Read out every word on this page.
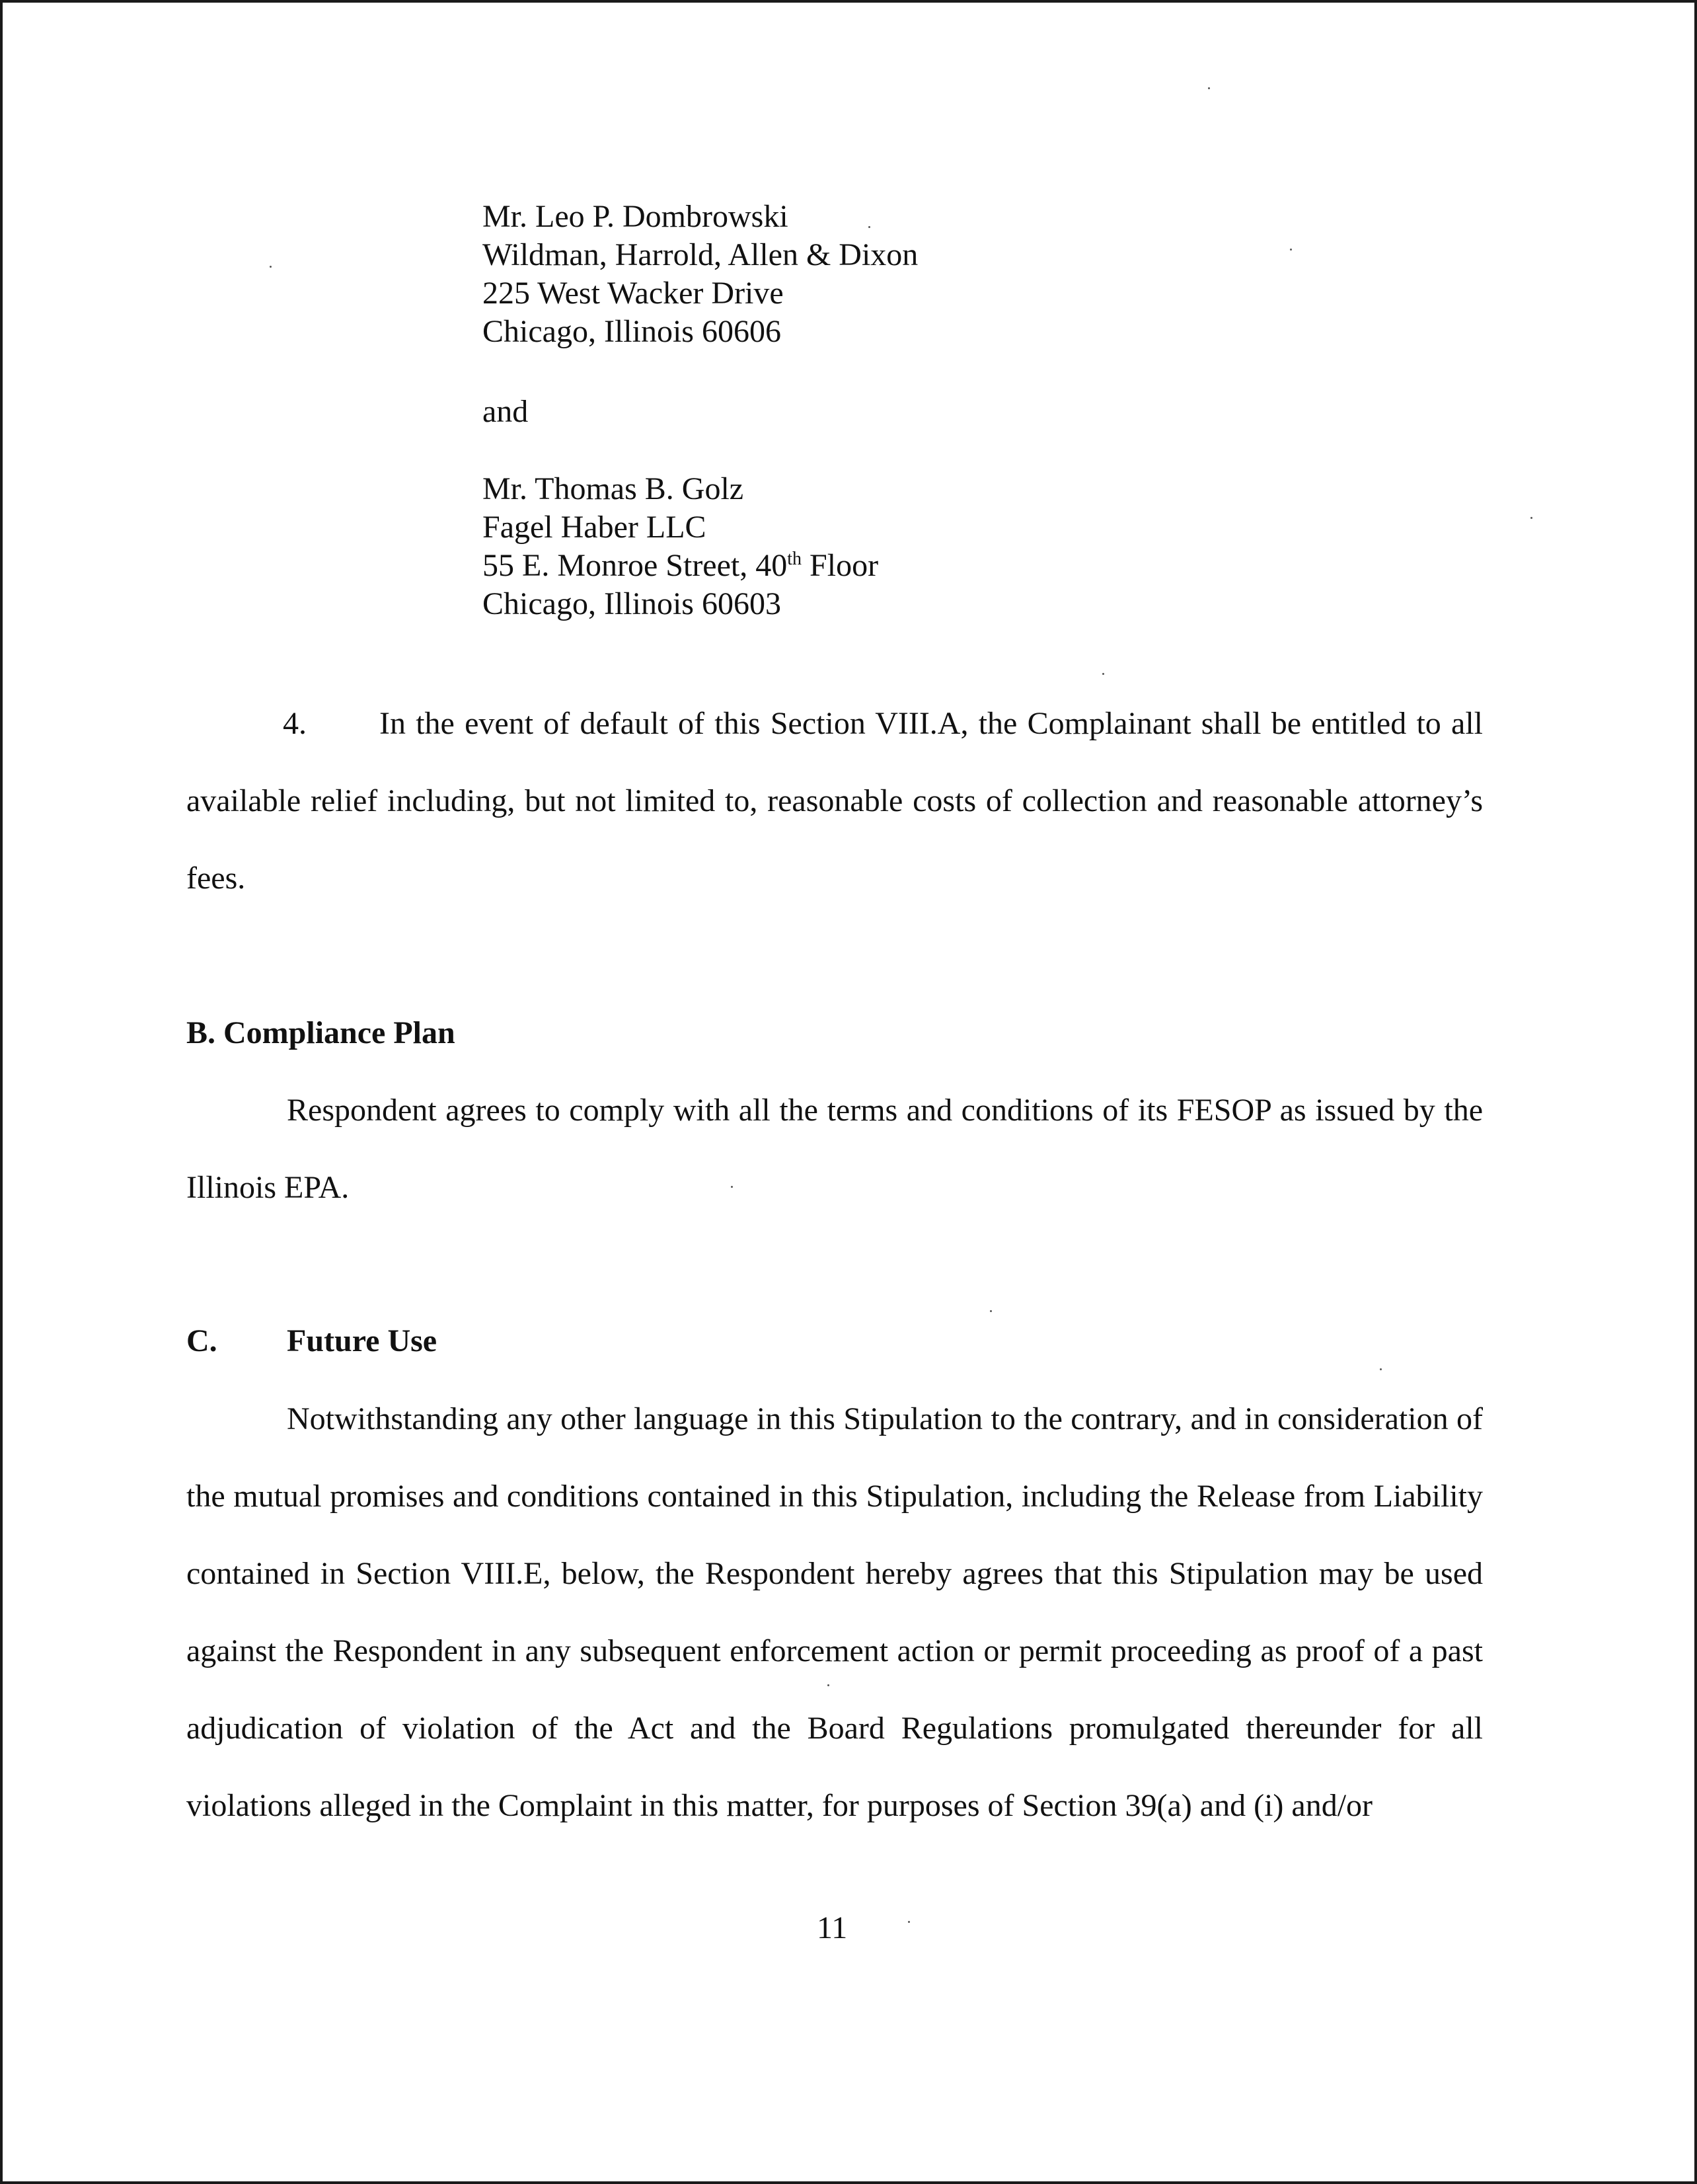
Mr. Leo P. Dombrowski
Wildman, Harrold, Allen & Dixon
225 West Wacker Drive
Chicago, Illinois 60606
and
Mr. Thomas B. Golz
Fagel Haber LLC
55 E. Monroe Street, 40th Floor
Chicago, Illinois 60603

4. In the event of default of this Section VIII.A, the Complainant shall be entitled to all available relief including, but not limited to, reasonable costs of collection and reasonable attorney’s fees.

B. Compliance Plan

Respondent agrees to comply with all the terms and conditions of its FESOP as issued by the Illinois EPA.

C. Future Use

Notwithstanding any other language in this Stipulation to the contrary, and in consideration of the mutual promises and conditions contained in this Stipulation, including the Release from Liability contained in Section VIII.E, below, the Respondent hereby agrees that this Stipulation may be used against the Respondent in any subsequent enforcement action or permit proceeding as proof of a past adjudication of violation of the Act and the Board Regulations promulgated thereunder for all violations alleged in the Complaint in this matter, for purposes of Section 39(a) and (i) and/or

11
